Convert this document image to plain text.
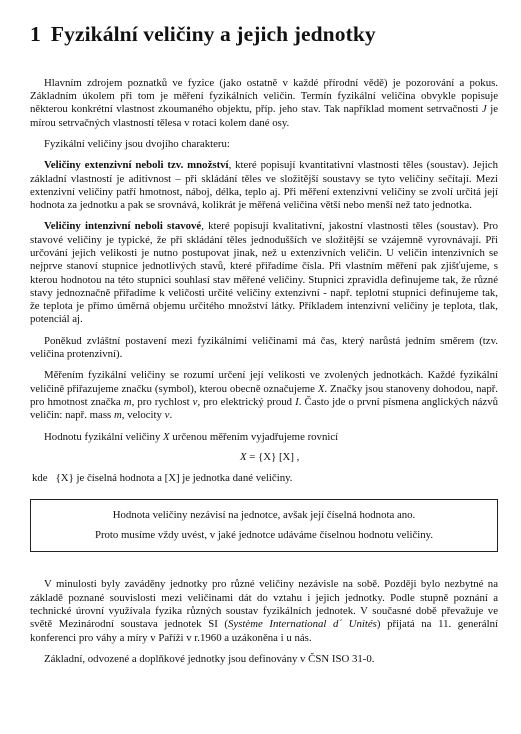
1 Fyzikální veličiny a jejich jednotky

Hlavním zdrojem poznatků ve fyzice (jako ostatně v každé přírodní vědě) je pozorování a pokus. Základním úkolem při tom je měření fyzikálních veličin. Termín fyzikální veličina obvykle popisuje některou konkrétní vlastnost zkoumaného objektu, příp. jeho stav. Tak například moment setrvačnosti J je mírou setrvačných vlastností tělesa v rotaci kolem dané osy.

Fyzikální veličiny jsou dvojího charakteru:

Veličiny extenzivní neboli tzv. množství, které popisují kvantitativní vlastnosti těles (soustav). Jejich základní vlastností je aditivnost – při skládání těles ve složitější soustavy se tyto veličiny sečítají. Mezi extenzivní veličiny patří hmotnost, náboj, délka, teplo aj. Při měření extenzivní veličiny se zvolí určitá její hodnota za jednotku a pak se srovnává, kolikrát je měřená veličina větší nebo menší než tato jednotka.

Veličiny intenzivní neboli stavové, které popisují kvalitativní, jakostní vlastnosti těles (soustav). Pro stavové veličiny je typické, že při skládání těles jednodušších ve složitější se vzájemně vyrovnávají. Při určování jejich velikosti je nutno postupovat jinak, než u extenzivních veličin. U veličin intenzivních se nejprve stanoví stupnice jednotlivých stavů, které přiřadíme čísla. Při vlastním měření pak zjišťujeme, s kterou hodnotou na této stupnici souhlasí stav měřené veličiny. Stupnici zpravidla definujeme tak, že různé stavy jednoznačně přiřadíme k veličosti určité veličiny extenzivní - např. teplotní stupnici definujeme tak, že teplota je přímo úměrná objemu určitého množství látky. Příkladem intenzivní veličiny je teplota, tlak, potenciál aj.

Poněkud zvláštní postavení mezi fyzikálními veličinami má čas, který narůstá jedním směrem (tzv. veličina protenzivní).

Měřením fyzikální veličiny se rozumí určení její velikosti ve zvolených jednotkách. Každé fyzikální veličině přiřazujeme značku (symbol), kterou obecně označujeme X. Značky jsou stanoveny dohodou, např. pro hmotnost značka m, pro rychlost v, pro elektrický proud I. Často jde o první písmena anglických názvů veličin: např. mass m, velocity v.

Hodnotu fyzikální veličiny X určenou měřením vyjadřujeme rovnicí

X = {X} [X] ,
kde {X} je číselná hodnota a [X] je jednotka dané veličiny.

Hodnota veličiny nezávisí na jednotce, avšak její číselná hodnota ano.

Proto musíme vždy uvést, v jaké jednotce udáváme číselnou hodnotu veličiny.

V minulosti byly zaváděny jednotky pro různé veličiny nezávisle na sobě. Později bylo nezbytné na základě poznané souvislosti mezi veličinami dát do vztahu i jejich jednotky. Podle stupně poznání a technické úrovní využívala fyzika různých soustav fyzikálních jednotek. V současné době převažuje ve světě Mezinárodní soustava jednotek SI (Système International d´ Unités) přijatá na 11. generální konferenci pro váhy a míry v Paříži v r.1960 a uzákoněna i u nás.

Základní, odvozené a doplňkové jednotky jsou definovány v ČSN ISO 31-0.
